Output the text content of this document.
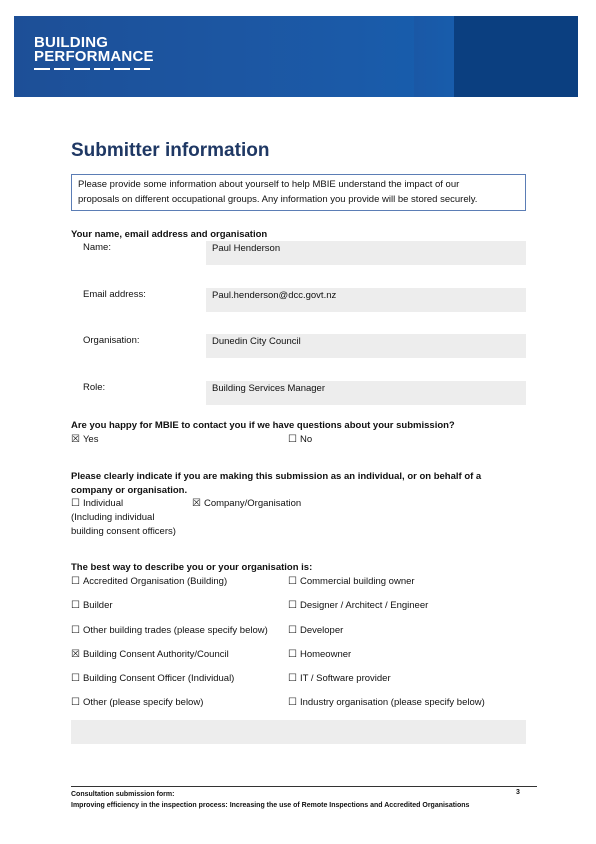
BUILDING
PERFORMANCE
Submitter information
Please provide some information about yourself to help MBIE understand the impact of our
proposals on different occupational groups. Any information you provide will be stored securely.
Your name, email address and organisation
Name:	Paul Henderson
Email address:	Paul.henderson@dcc.govt.nz
Organisation:	Dunedin City Council
Role:	Building Services Manager
Are you happy for MBIE to contact you if we have questions about your submission?
☒ Yes	☐ No
Please clearly indicate if you are making this submission as an individual, or on behalf of a
company or organisation.
☐ Individual
(Including individual
building consent officers)
☒ Company/Organisation
The best way to describe you or your organisation is:
☐ Accredited Organisation (Building)	☐ Commercial building owner
☐ Builder	☐ Designer / Architect / Engineer
☐ Other building trades (please specify below) ☐ Developer
☒ Building Consent Authority/Council	☐ Homeowner
☐ Building Consent Officer (Individual)	☐ IT / Software provider
☐ Other (please specify below)	☐ Industry organisation (please specify below)
Consultation submission form:
Improving efficiency in the inspection process: Increasing the use of Remote Inspections and Accredited Organisations
3
